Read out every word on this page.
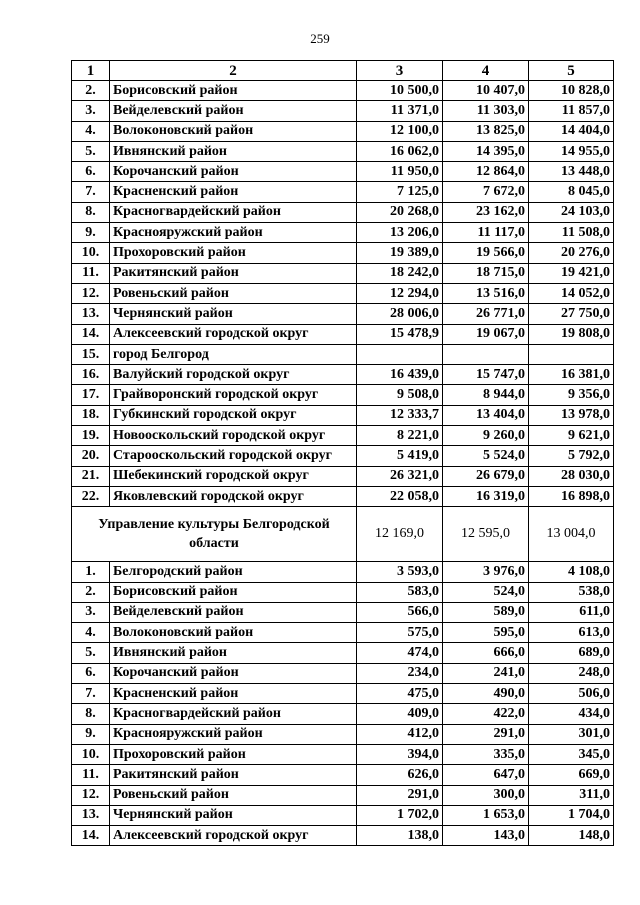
259
1	2	3	4	5
2.	Борисовский район	10 500,0	10 407,0	10 828,0
3.	Вейделевский район	11 371,0	11 303,0	11 857,0
4.	Волоконовский район	12 100,0	13 825,0	14 404,0
5.	Ивнянский район	16 062,0	14 395,0	14 955,0
6.	Корочанский район	11 950,0	12 864,0	13 448,0
7.	Красненский район	7 125,0	7 672,0	8 045,0
8.	Красногвардейский район	20 268,0	23 162,0	24 103,0
9.	Краснояружский район	13 206,0	11 117,0	11 508,0
10.	Прохоровский район	19 389,0	19 566,0	20 276,0
11.	Ракитянский район	18 242,0	18 715,0	19 421,0
12.	Ровеньский район	12 294,0	13 516,0	14 052,0
13.	Чернянский район	28 006,0	26 771,0	27 750,0
14.	Алексеевский городской округ	15 478,9	19 067,0	19 808,0
15.	город Белгород			
16.	Валуйский городской округ	16 439,0	15 747,0	16 381,0
17.	Грайворонский городской округ	9 508,0	8 944,0	9 356,0
18.	Губкинский городской округ	12 333,7	13 404,0	13 978,0
19.	Новооскольский городской округ	8 221,0	9 260,0	9 621,0
20.	Старооскольский городской округ	5 419,0	5 524,0	5 792,0
21.	Шебекинский городской округ	26 321,0	26 679,0	28 030,0
22.	Яковлевский городской округ	22 058,0	16 319,0	16 898,0
Управление культуры Белгородской области		12 169,0	12 595,0	13 004,0
1.	Белгородский район	3 593,0	3 976,0	4 108,0
2.	Борисовский район	583,0	524,0	538,0
3.	Вейделевский район	566,0	589,0	611,0
4.	Волоконовский район	575,0	595,0	613,0
5.	Ивнянский район	474,0	666,0	689,0
6.	Корочанский район	234,0	241,0	248,0
7.	Красненский район	475,0	490,0	506,0
8.	Красногвардейский район	409,0	422,0	434,0
9.	Краснояружский район	412,0	291,0	301,0
10.	Прохоровский район	394,0	335,0	345,0
11.	Ракитянский район	626,0	647,0	669,0
12.	Ровеньский район	291,0	300,0	311,0
13.	Чернянский район	1 702,0	1 653,0	1 704,0
14.	Алексеевский городской округ	138,0	143,0	148,0
